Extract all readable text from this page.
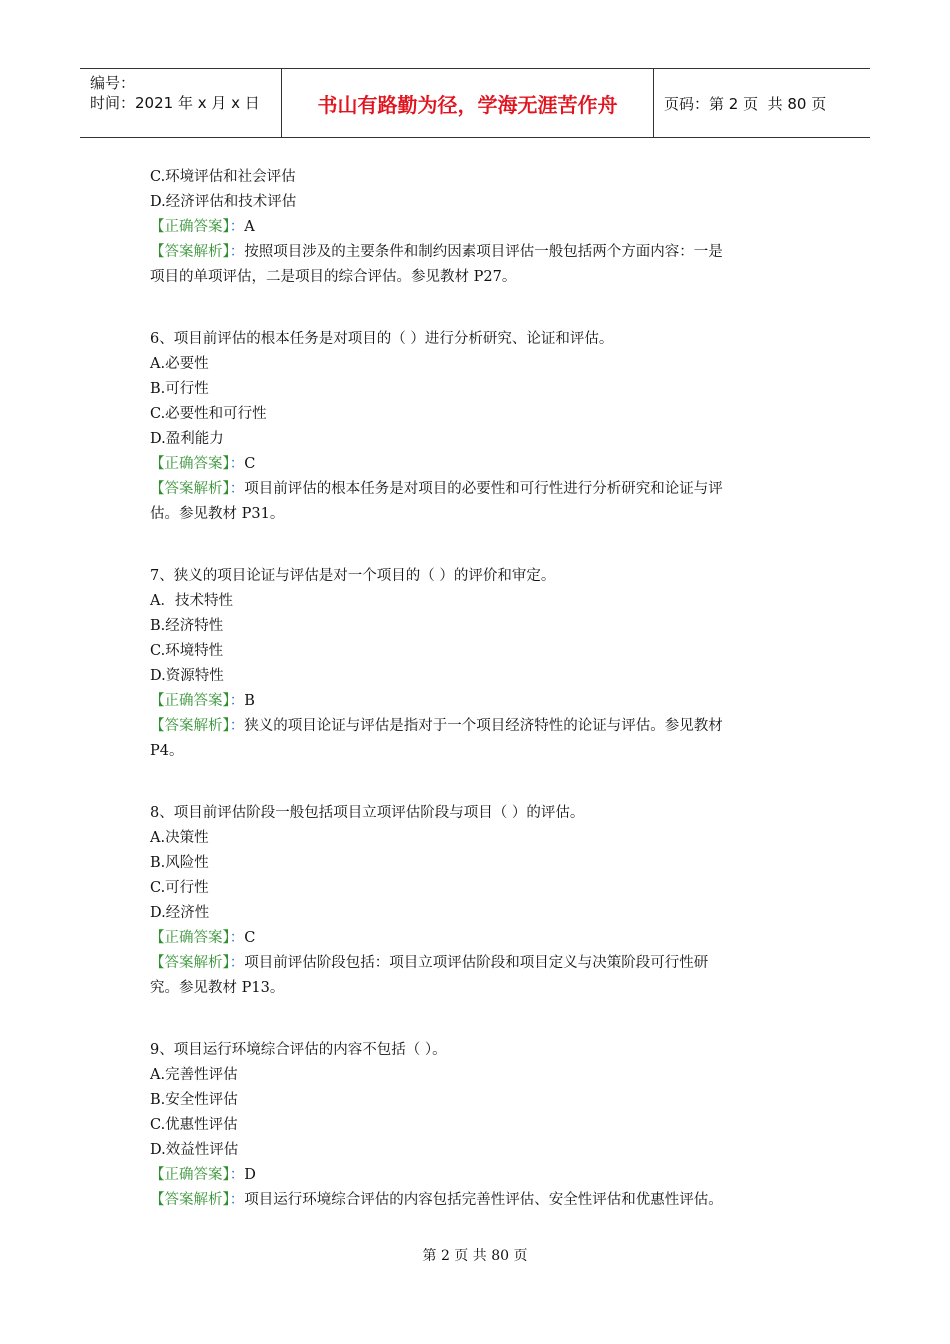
编号：
时间：2021 年 x 月 x 日	书山有路勤为径，学海无涯苦作舟	页码：第 2 页  共 80 页
C.环境评估和社会评估
D.经济评估和技术评估
【正确答案】：A
【答案解析】：按照项目涉及的主要条件和制约因素项目评估一般包括两个方面内容：一是
项目的单项评估，二是项目的综合评估。参见教材 P27。
6、项目前评估的根本任务是对项目的（ ）进行分析研究、论证和评估。
A.必要性
B.可行性
C.必要性和可行性
D.盈利能力
【正确答案】：C
【答案解析】：项目前评估的根本任务是对项目的必要性和可行性进行分析研究和论证与评
估。参见教材 P31。
7、狭义的项目论证与评估是对一个项目的（ ）的评价和审定。
A．技术特性
B.经济特性
C.环境特性
D.资源特性
【正确答案】：B
【答案解析】：狭义的项目论证与评估是指对于一个项目经济特性的论证与评估。参见教材
P4。
8、项目前评估阶段一般包括项目立项评估阶段与项目（ ）的评估。
A.决策性
B.风险性
C.可行性
D.经济性
【正确答案】：C
【答案解析】：项目前评估阶段包括：项目立项评估阶段和项目定义与决策阶段可行性研
究。参见教材 P13。
9、项目运行环境综合评估的内容不包括（ ）。
A.完善性评估
B.安全性评估
C.优惠性评估
D.效益性评估
【正确答案】：D
【答案解析】：项目运行环境综合评估的内容包括完善性评估、安全性评估和优惠性评估。
第 2 页 共 80 页
